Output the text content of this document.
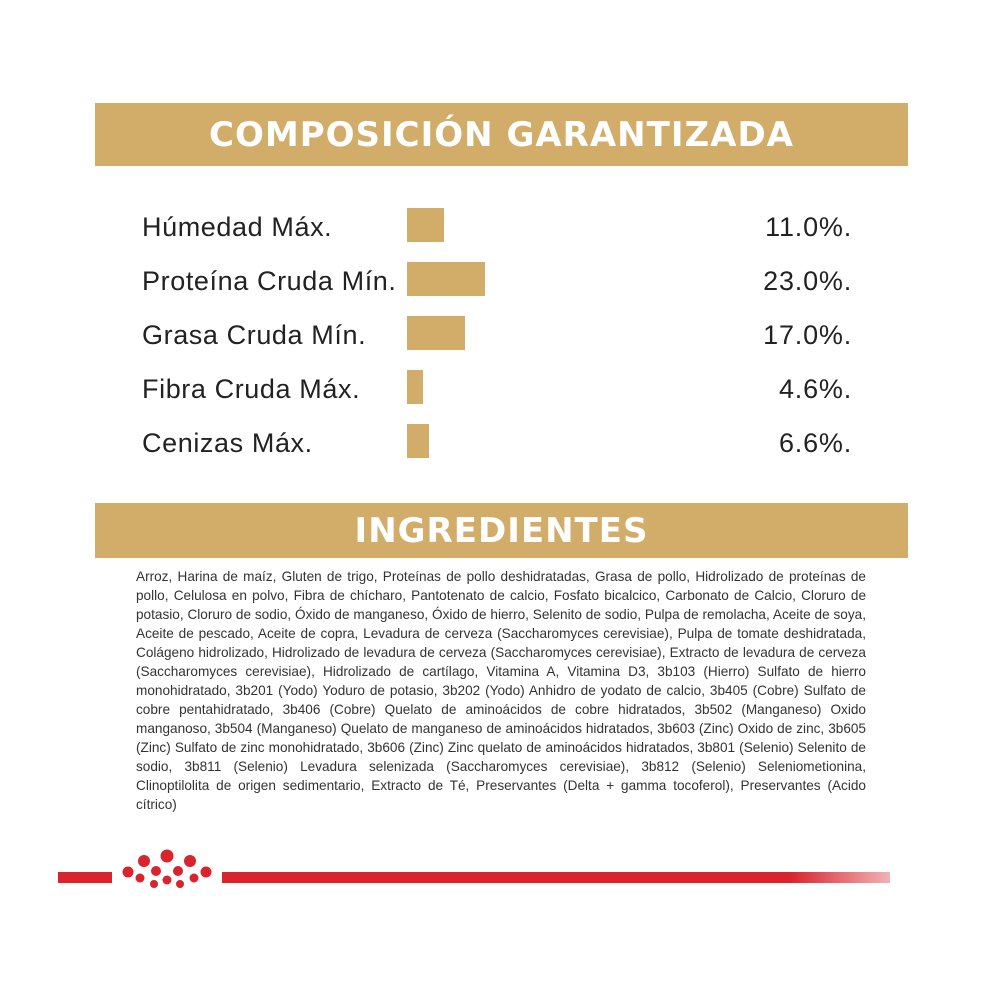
COMPOSICIÓN GARANTIZADA
Húmedad Máx.	11.0%.
Proteína Cruda Mín.	23.0%.
Grasa Cruda Mín.	17.0%.
Fibra Cruda Máx.	4.6%.
Cenizas Máx.	6.6%.
INGREDIENTES

Arroz, Harina de maíz, Gluten de trigo, Proteínas de pollo deshidratadas, Grasa de pollo, Hidrolizado de proteínas de pollo, Celulosa en polvo, Fibra de chícharo, Pantotenato de calcio, Fosfato bicalcico, Carbonato de Calcio, Cloruro de potasio, Cloruro de sodio, Óxido de manganeso, Óxido de hierro, Selenito de sodio, Pulpa de remolacha, Aceite de soya, Aceite de pescado, Aceite de copra, Levadura de cerveza (Saccharomyces cerevisiae), Pulpa de tomate deshidratada, Colágeno hidrolizado, Hidrolizado de levadura de cerveza (Saccharomyces cerevisiae), Extracto de levadura de cerveza (Saccharomyces cerevisiae), Hidrolizado de cartílago, Vitamina A, Vitamina D3, 3b103 (Hierro) Sulfato de hierro monohidratado, 3b201 (Yodo) Yoduro de potasio, 3b202 (Yodo) Anhidro de yodato de calcio, 3b405 (Cobre) Sulfato de cobre pentahidratado, 3b406 (Cobre) Quelato de aminoácidos de cobre hidratados, 3b502 (Manganeso) Oxido manganoso, 3b504 (Manganeso) Quelato de manganeso de aminoácidos hidratados, 3b603 (Zinc) Oxido de zinc, 3b605 (Zinc) Sulfato de zinc monohidratado, 3b606 (Zinc) Zinc quelato de aminoácidos hidratados, 3b801 (Selenio) Selenito de sodio, 3b811 (Selenio) Levadura selenizada (Saccharomyces cerevisiae), 3b812 (Selenio) Seleniometionina, Clinoptilolita de origen sedimentario, Extracto de Té, Preservantes (Delta + gamma tocoferol), Preservantes (Acido cítrico)
